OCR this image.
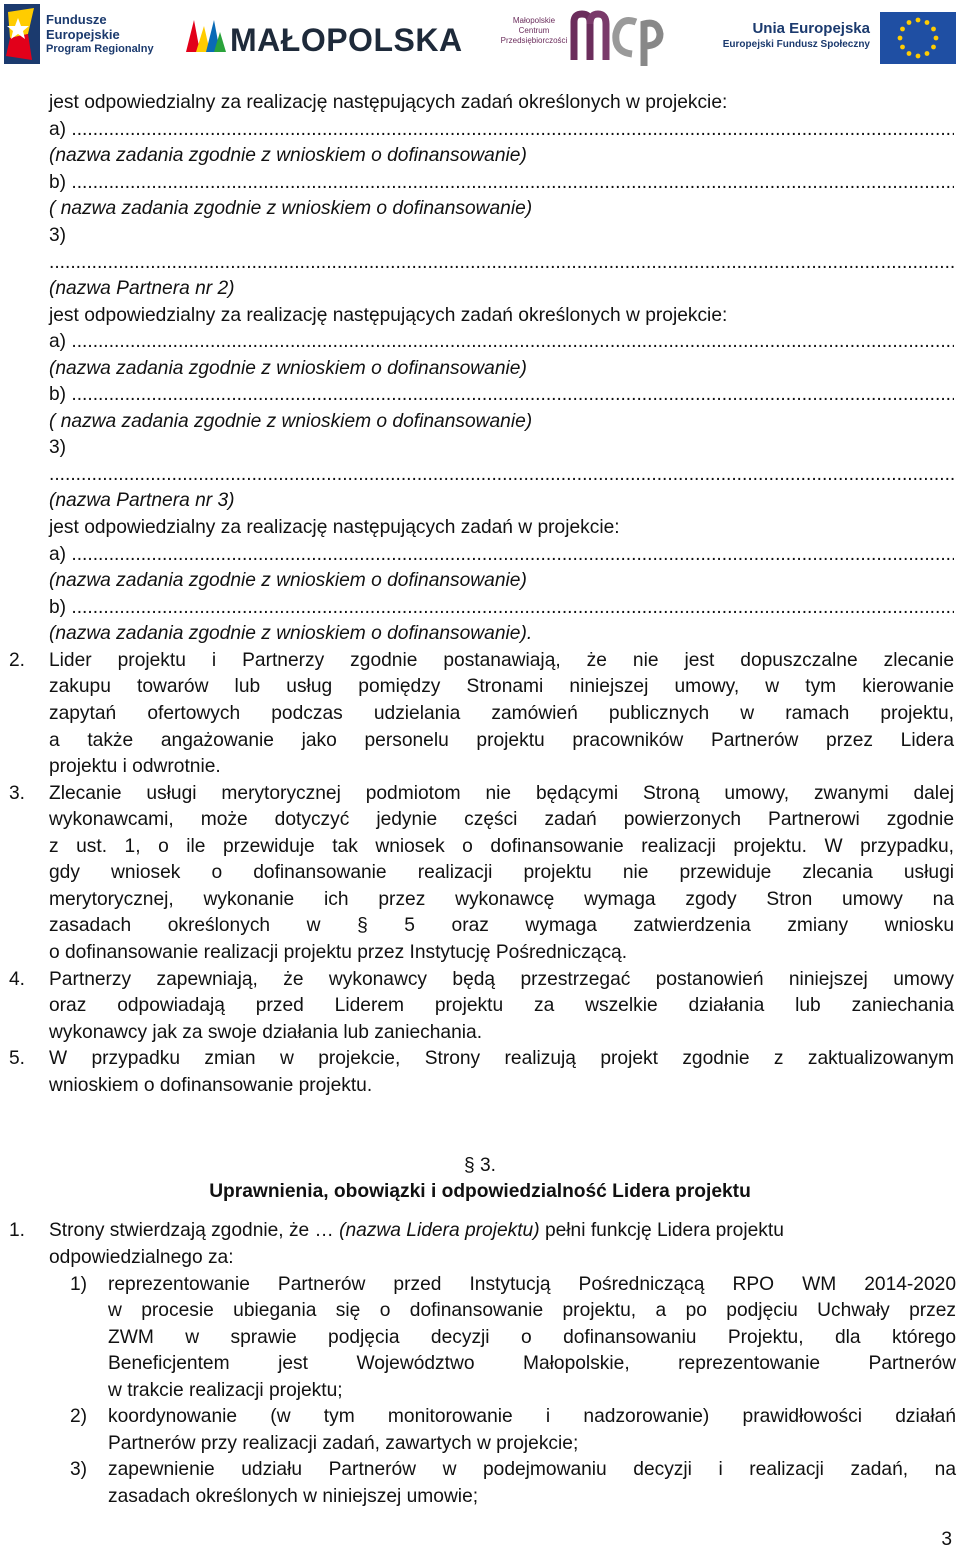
Fundusze
Europejskie
Program Regionalny MAŁOPOLSKA
Małopolskie
Centrum
Przedsiębiorczości
Unia Europejska
Europejski Fundusz Społeczny
jest odpowiedzialny za realizację następujących zadań określonych w projekcie:
a) .....
(nazwa zadania zgodnie z wnioskiem o dofinansowanie)
b) .....
( nazwa zadania zgodnie z wnioskiem o dofinansowanie)
3)
.....
(nazwa Partnera nr 2)
jest odpowiedzialny za realizację następujących zadań określonych w projekcie:
a) .....
(nazwa zadania zgodnie z wnioskiem o dofinansowanie)
b) .....
( nazwa zadania zgodnie z wnioskiem o dofinansowanie)
3)
.....
(nazwa Partnera nr 3)
jest odpowiedzialny za realizację następujących zadań w projekcie:
a) .....
(nazwa zadania zgodnie z wnioskiem o dofinansowanie)
b) .....
(nazwa zadania zgodnie z wnioskiem o dofinansowanie).
2. Lider projektu i Partnerzy zgodnie postanawiają, że nie jest dopuszczalne zlecanie
zakupu towarów lub usług pomiędzy Stronami niniejszej umowy, w tym kierowanie
zapytań ofertowych podczas udzielania zamówień publicznych w ramach projektu,
a także angażowanie jako personelu projektu pracowników Partnerów przez Lidera
projektu i odwrotnie.
3. Zlecanie usługi merytorycznej podmiotom nie będącymi Stroną umowy, zwanymi dalej
wykonawcami, może dotyczyć jedynie części zadań powierzonych Partnerowi zgodnie
z ust. 1, o ile przewiduje tak wniosek o dofinansowanie realizacji projektu. W przypadku,
gdy wniosek o dofinansowanie realizacji projektu nie przewiduje zlecania usługi
merytorycznej, wykonanie ich przez wykonawcę wymaga zgody Stron umowy na
zasadach określonych w § 5 oraz wymaga zatwierdzenia zmiany wniosku
o dofinansowanie realizacji projektu przez Instytucję Pośredniczącą.
4. Partnerzy zapewniają, że wykonawcy będą przestrzegać postanowień niniejszej umowy
oraz odpowiadają przed Liderem projektu za wszelkie działania lub zaniechania
wykonawcy jak za swoje działania lub zaniechania.
5. W przypadku zmian w projekcie, Strony realizują projekt zgodnie z zaktualizowanym
wnioskiem o dofinansowanie projektu.
§ 3.
Uprawnienia, obowiązki i odpowiedzialność Lidera projektu
1. Strony stwierdzają zgodnie, że … (nazwa Lidera projektu) pełni funkcję Lidera projektu
odpowiedzialnego za:
1) reprezentowanie Partnerów przed Instytucją Pośredniczącą RPO WM 2014-2020
w procesie ubiegania się o dofinansowanie projektu, a po podjęciu Uchwały przez
ZWM w sprawie podjęcia decyzji o dofinansowaniu Projektu, dla którego
Beneficjentem jest Województwo Małopolskie, reprezentowanie Partnerów
w trakcie realizacji projektu;
2) koordynowanie (w tym monitorowanie i nadzorowanie) prawidłowości działań
Partnerów przy realizacji zadań, zawartych w projekcie;
3) zapewnienie udziału Partnerów w podejmowaniu decyzji i realizacji zadań, na
zasadach określonych w niniejszej umowie;
3
